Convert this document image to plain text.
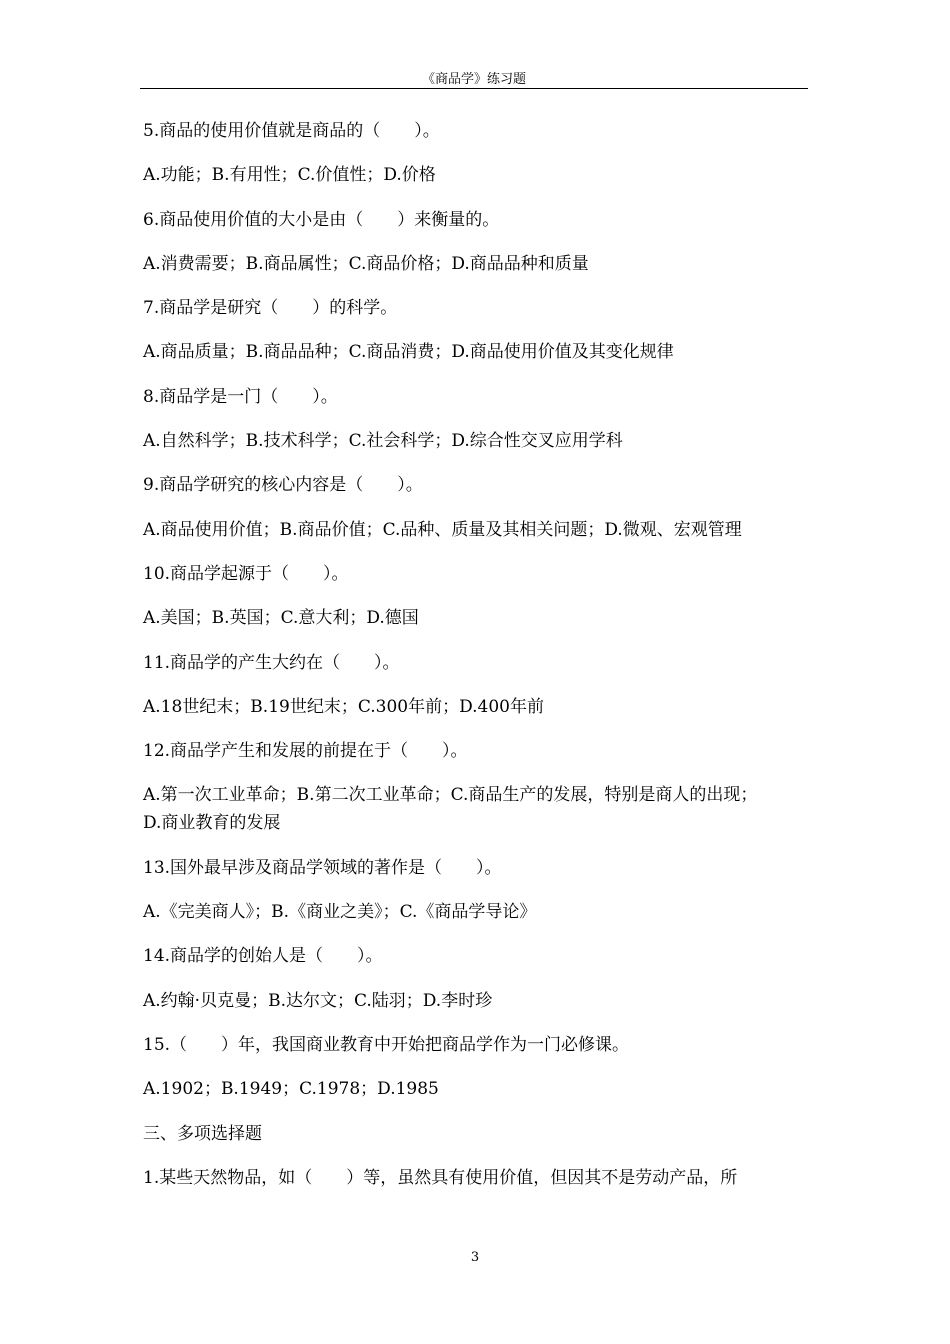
《商品学》练习题
5.商品的使用价值就是商品的（　　）。
A.功能；B.有用性；C.价值性；D.价格
6.商品使用价值的大小是由（　　）来衡量的。
A.消费需要；B.商品属性；C.商品价格；D.商品品种和质量
7.商品学是研究（　　）的科学。
A.商品质量；B.商品品种；C.商品消费；D.商品使用价值及其变化规律
8.商品学是一门（　　）。
A.自然科学；B.技术科学；C.社会科学；D.综合性交叉应用学科
9.商品学研究的核心内容是（　　）。
A.商品使用价值；B.商品价值；C.品种、质量及其相关问题；D.微观、宏观管理
10.商品学起源于（　　）。
A.美国；B.英国；C.意大利；D.德国
11.商品学的产生大约在（　　）。
A.18世纪末；B.19世纪末；C.300年前；D.400年前
12.商品学产生和发展的前提在于（　　）。
A.第一次工业革命；B.第二次工业革命；C.商品生产的发展，特别是商人的出现；
D.商业教育的发展
13.国外最早涉及商品学领域的著作是（　　）。
A.《完美商人》；B.《商业之美》；C.《商品学导论》
14.商品学的创始人是（　　）。
A.约翰·贝克曼；B.达尔文；C.陆羽；D.李时珍
15.（　　）年，我国商业教育中开始把商品学作为一门必修课。
A.1902；B.1949；C.1978；D.1985
三、多项选择题
1.某些天然物品，如（　　）等，虽然具有使用价值，但因其不是劳动产品，所
3
